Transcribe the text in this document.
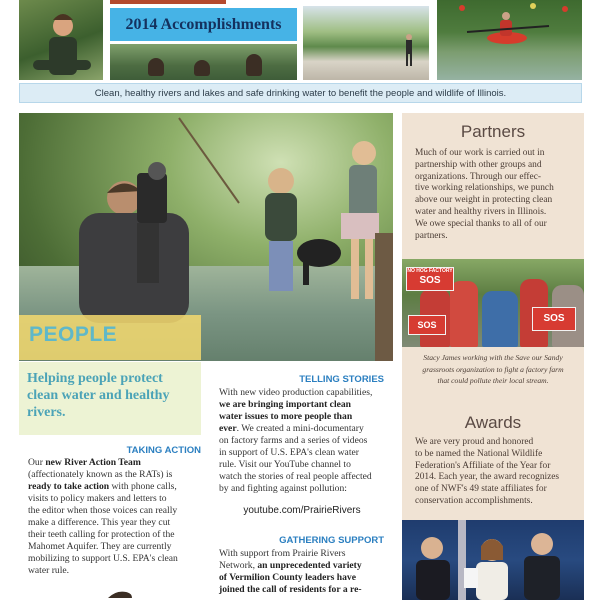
2014 Accomplishments
Clean, healthy rivers and lakes and safe drinking water to benefit the people and wildlife of Illinois.
PEOPLE

Helping people protect clean water and healthy rivers.

TAKING ACTION
Our new River Action Team
(affectionately known as the RATs) is
ready to take action with phone calls,
visits to policy makers and letters to
the editor when those voices can really
make a difference. This year they cut
their teeth calling for protection of the
Mahomet Aquifer. They are currently
mobilizing to support U.S. EPA's clean
water rule.
TELLING STORIES
With new video production capabilities,
we are bringing important clean
water issues to more people than
ever. We created a mini-documentary
on factory farms and a series of videos
in support of U.S. EPA's clean water
rule. Visit our YouTube channel to
watch the stories of real people affected
by and fighting against pollution:
youtube.com/PrairieRivers
GATHERING SUPPORT
With support from Prairie Rivers
Network, an unprecedented variety
of Vermilion County leaders have
joined the call of residents for a re-
Partners
Much of our work is carried out in
partnership with other groups and
organizations. Through our effec-
tive working relationships, we punch
above our weight in protecting clean
water and healthy rivers in Illinois.
We owe special thanks to all of our
partners.
NO HOG FACTORY
SOS
SOS
SOS
Stacy James working with the Save our Sandy
grassroots organization to fight a factory farm
that could pollute their local stream.
Awards
We are very proud and honored
to be named the National Wildlife
Federation's Affiliate of the Year for
2014. Each year, the award recognizes
one of NWF's 49 state affiliates for
conservation accomplishments.
